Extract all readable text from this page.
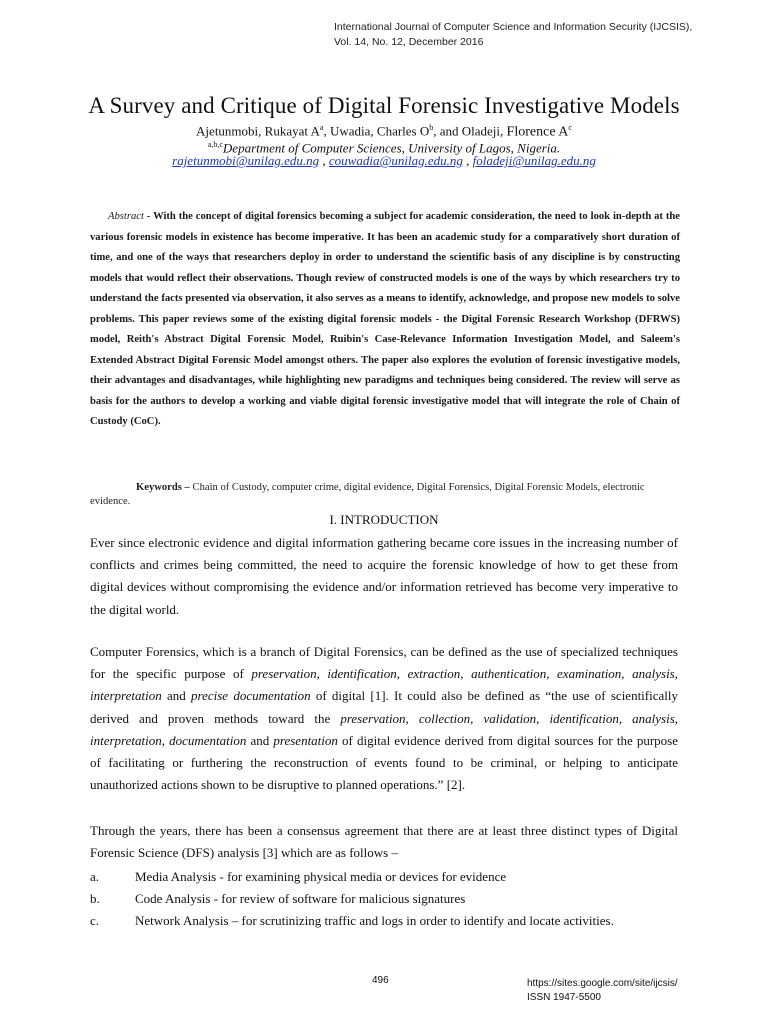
International Journal of Computer Science and Information Security (IJCSIS),
Vol. 14, No. 12, December 2016
A Survey and Critique of Digital Forensic Investigative Models
Ajetunmobi, Rukayat $A^a$, Uwadia, Charles $O^b$, and Oladeji, Florence $A^c$
$^{a,b,c}$Department of Computer Sciences, University of Lagos, Nigeria.
rajetunmobi@unilag.edu.ng , couwadia@unilag.edu.ng , foladeji@unilag.edu.ng
Abstract - With the concept of digital forensics becoming a subject for academic consideration, the need to look in-depth at the various forensic models in existence has become imperative. It has been an academic study for a comparatively short duration of time, and one of the ways that researchers deploy in order to understand the scientific basis of any discipline is by constructing models that would reflect their observations. Though review of constructed models is one of the ways by which researchers try to understand the facts presented via observation, it also serves as a means to identify, acknowledge, and propose new models to solve problems. This paper reviews some of the existing digital forensic models - the Digital Forensic Research Workshop (DFRWS) model, Reith's Abstract Digital Forensic Model, Ruibin's Case-Relevance Information Investigation Model, and Saleem's Extended Abstract Digital Forensic Model amongst others. The paper also explores the evolution of forensic investigative models, their advantages and disadvantages, while highlighting new paradigms and techniques being considered. The review will serve as basis for the authors to develop a working and viable digital forensic investigative model that will integrate the role of Chain of Custody (CoC).
Keywords – Chain of Custody, computer crime, digital evidence, Digital Forensics, Digital Forensic Models, electronic evidence.
I. INTRODUCTION
Ever since electronic evidence and digital information gathering became core issues in the increasing number of conflicts and crimes being committed, the need to acquire the forensic knowledge of how to get these from digital devices without compromising the evidence and/or information retrieved has become very imperative to the digital world.
Computer Forensics, which is a branch of Digital Forensics, can be defined as the use of specialized techniques for the specific purpose of preservation, identification, extraction, authentication, examination, analysis, interpretation and precise documentation of digital [1]. It could also be defined as “the use of scientifically derived and proven methods toward the preservation, collection, validation, identification, analysis, interpretation, documentation and presentation of digital evidence derived from digital sources for the purpose of facilitating or furthering the reconstruction of events found to be criminal, or helping to anticipate unauthorized actions shown to be disruptive to planned operations.” [2].
Through the years, there has been a consensus agreement that there are at least three distinct types of Digital Forensic Science (DFS) analysis [3] which are as follows –
a.	Media Analysis - for examining physical media or devices for evidence
b.	Code Analysis - for review of software for malicious signatures
c.	Network Analysis – for scrutinizing traffic and logs in order to identify and locate activities.
496	https://sites.google.com/site/ijcsis/
ISSN 1947-5500
